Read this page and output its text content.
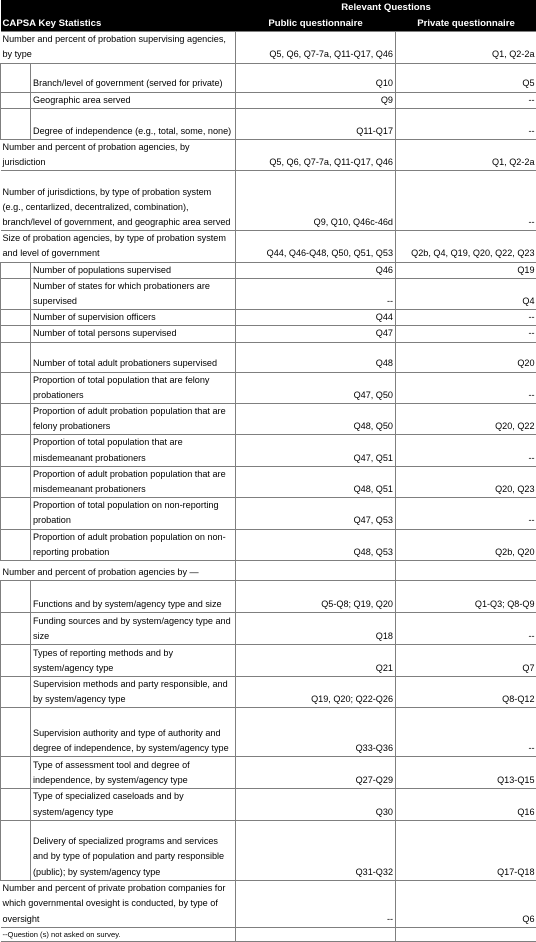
		Relevant Questions	
CAPSA Key Statistics		Public questionnaire	Private questionnaire
Number and percent of probation supervising agencies, by type		Q5, Q6, Q7-7a, Q11-Q17, Q46	Q1, Q2-2a
	Branch/level of government (served for private)	Q10	Q5
	Geographic area served	Q9	--
	Degree of independence (e.g., total, some, none)	Q11-Q17	--
Number and percent of probation agencies, by jurisdiction		Q5, Q6, Q7-7a, Q11-Q17, Q46	Q1, Q2-2a
Number of jurisdictions, by type of probation system (e.g., centarlized, decentralized, combination), branch/level of government, and geographic area served		Q9, Q10, Q46c-46d	--
Size of probation agencies, by type of probation system and level of government		Q44, Q46-Q48, Q50, Q51, Q53	Q2b, Q4, Q19, Q20, Q22, Q23
	Number of populations supervised	Q46	Q19
	Number of states for which probationers are supervised	--	Q4
	Number of supervision officers	Q44	--
	Number of total persons supervised	Q47	--
	Number of total adult probationers supervised	Q48	Q20
	Proportion of total population that are felony probationers	Q47, Q50	--
	Proportion of adult probation population that are felony probationers	Q48, Q50	Q20, Q22
	Proportion of total population that are misdemeanant probationers	Q47, Q51	--
	Proportion of adult probation population that are misdemeanant probationers	Q48, Q51	Q20, Q23
	Proportion of total population on non-reporting probation	Q47, Q53	--
	Proportion of adult probation population on non-reporting probation	Q48, Q53	Q2b, Q20
Number and percent of probation agencies by —			
	Functions and by system/agency type and size	Q5-Q8; Q19, Q20	Q1-Q3; Q8-Q9
	Funding sources and by system/agency type and size	Q18	--
	Types of reporting methods and by system/agency type	Q21	Q7
	Supervision methods and party responsible, and by system/agency type	Q19, Q20; Q22-Q26	Q8-Q12
	Supervision authority and type of authority and degree of independence, by system/agency type	Q33-Q36	--
	Type of assessment tool and degree of independence, by system/agency type	Q27-Q29	Q13-Q15
	Type of specialized caseloads and by system/agency type	Q30	Q16
	Delivery of specialized programs and services and by type of population and party responsible (public); by system/agency type	Q31-Q32	Q17-Q18
Number and percent of private probation companies for which governmental ovesight is conducted, by type of oversight		--	Q6
--Question (s) not asked on survey.			
